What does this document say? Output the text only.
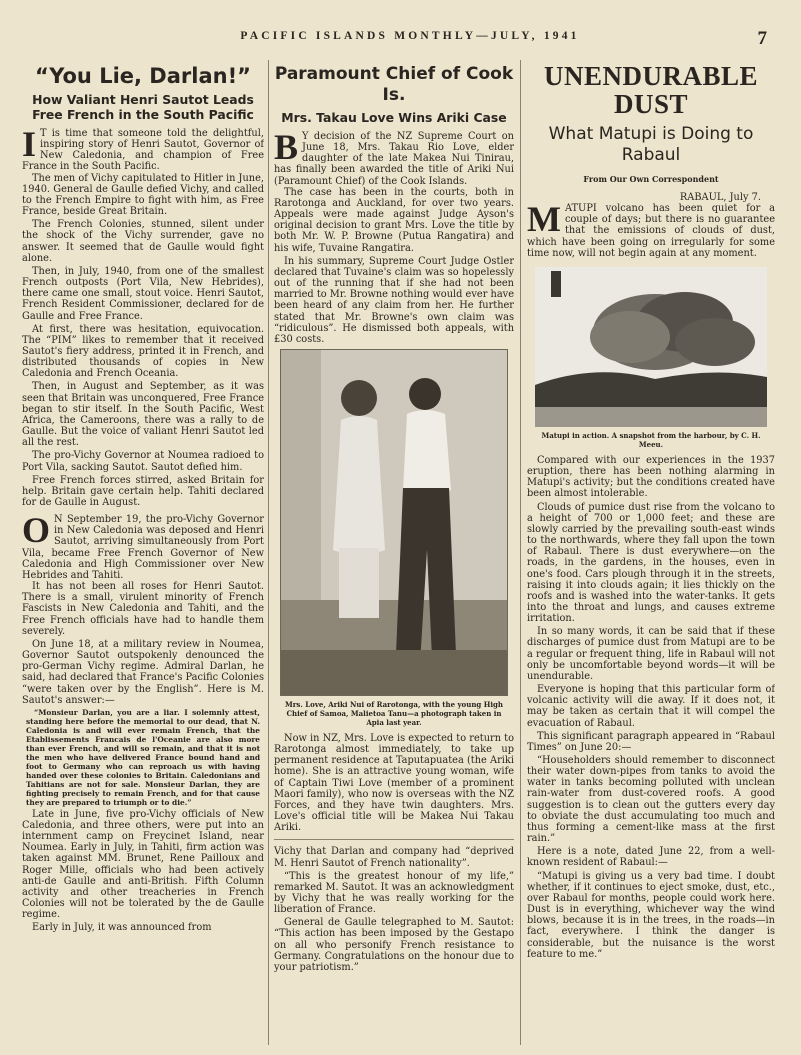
PACIFIC ISLANDS MONTHLY—JULY, 1941	7
“You Lie, Darlan!”
How Valiant Henri Sautot Leads Free French in the South Pacific
I T is time that someone told the delightful, inspiring story of Henri Sautot, Governor of New Caledonia, and champion of Free France in the South Pacific.

The men of Vichy capitulated to Hitler in June, 1940. General de Gaulle defied Vichy, and called to the French Empire to fight with him, as Free France, beside Great Britain.

The French Colonies, stunned, silent under the shock of the Vichy surrender, gave no answer. It seemed that de Gaulle would fight alone.

Then, in July, 1940, from one of the smallest French outposts (Port Vila, New Hebrides), there came one small, stout voice. Henri Sautot, French Resident Commissioner, declared for de Gaulle and Free France.

At first, there was hesitation, equivocation. The “PIM” likes to remember that it received Sautot's fiery address, printed it in French, and distributed thousands of copies in New Caledonia and French Oceania.

Then, in August and September, as it was seen that Britain was unconquered, Free France began to stir itself. In the South Pacific, West Africa, the Cameroons, there was a rally to de Gaulle. But the voice of valiant Henri Sautot led all the rest.

The pro-Vichy Governor at Noumea radioed to Port Vila, sacking Sautot. Sautot defied him.

Free French forces stirred, asked Britain for help. Britain gave certain help. Tahiti declared for de Gaulle in August.

O N September 19, the pro-Vichy Governor in New Caledonia was deposed and Henri Sautot, arriving simultaneously from Port Vila, became Free French Governor of New Caledonia and High Commissioner over New Hebrides and Tahiti.

It has not been all roses for Henri Sautot. There is a small, virulent minority of French Fascists in New Caledonia and Tahiti, and the Free French officials have had to handle them severely.

On June 18, at a military review in Noumea, Governor Sautot outspokenly denounced the pro-German Vichy regime. Admiral Darlan, he said, had declared that France's Pacific Colonies “were taken over by the English”. Here is M. Sautot's answer:—

“Monsieur Darlan, you are a liar. I solemnly attest, standing here before the memorial to our dead, that N. Caledonia is and will ever remain French, that the Etablissements Francais de l'Oceanie are also more than ever French, and will so remain, and that it is not the men who have delivered France bound hand and foot to Germany who can reproach us with having handed over these colonies to Britain. Caledonians and Tahitians are not for sale. Monsieur Darlan, they are fighting precisely to remain French, and for that cause they are prepared to triumph or to die.”

Late in June, five pro-Vichy officials of New Caledonia, and three others, were put into an internment camp on Freycinet Island, near Noumea. Early in July, in Tahiti, firm action was taken against MM. Brunet, Rene Pailloux and Roger Mille, officials who had been actively anti-de Gaulle and anti-British. Fifth Column activity and other treacheries in French Colonies will not be tolerated by the de Gaulle regime.

Early in July, it was announced from

Paramount Chief of Cook Is.
Mrs. Takau Love Wins Ariki Case
B Y decision of the NZ Supreme Court on June 18, Mrs. Takau Rio Love, elder daughter of the late Makea Nui Tinirau, has finally been awarded the title of Ariki Nui (Paramount Chief) of the Cook Islands.

The case has been in the courts, both in Rarotonga and Auckland, for over two years. Appeals were made against Judge Ayson's original decision to grant Mrs. Love the title by both Mr. W. P. Browne (Putua Rangatira) and his wife, Tuvaine Rangatira.

In his summary, Supreme Court Judge Ostler declared that Tuvaine's claim was so hopelessly out of the running that if she had not been married to Mr. Browne nothing would ever have been heard of any claim from her. He further stated that Mr. Browne's own claim was “ridiculous”. He dismissed both appeals, with £30 costs.

Mrs. Love, Ariki Nui of Rarotonga, with the young High Chief of Samoa, Malietoa Tanu—a photograph taken in Apia last year.

Now in NZ, Mrs. Love is expected to return to Rarotonga almost immediately, to take up permanent residence at Taputapuatea (the Ariki home). She is an attractive young woman, wife of Captain Tiwi Love (member of a prominent Maori family), who now is overseas with the NZ Forces, and they have twin daughters. Mrs. Love's official title will be Makea Nui Takau Ariki.

Vichy that Darlan and company had “deprived M. Henri Sautot of French nationality”.

“This is the greatest honour of my life,” remarked M. Sautot. It was an acknowledgment by Vichy that he was really working for the liberation of France.

General de Gaulle telegraphed to M. Sautot: “This action has been imposed by the Gestapo on all who personify French resistance to Germany. Congratulations on the honour due to your patriotism.”

UNENDURABLE DUST
What Matupi is Doing to Rabaul
From Our Own Correspondent
RABAUL, July 7.
MATUPI volcano has been quiet for a couple of days; but there is no guarantee that the emissions of clouds of dust, which have been going on irregularly for some time now, will not begin again at any moment.
Matupi in action. A snapshot from the harbour, by C. H. Meeu.

Compared with our experiences in the 1937 eruption, there has been nothing alarming in Matupi's activity; but the conditions created have been almost intolerable.

Clouds of pumice dust rise from the volcano to a height of 700 or 1,000 feet; and these are slowly carried by the prevailing south-east winds to the northwards, where they fall upon the town of Rabaul. There is dust everywhere—on the roads, in the gardens, in the houses, even in one's food. Cars plough through it in the streets, raising it into clouds again; it lies thickly on the roofs and is washed into the water-tanks. It gets into the throat and lungs, and causes extreme irritation.

In so many words, it can be said that if these discharges of pumice dust from Matupi are to be a regular or frequent thing, life in Rabaul will not only be uncomfortable beyond words—it will be unendurable.

Everyone is hoping that this particular form of volcanic activity will die away. If it does not, it may be taken as certain that it will compel the evacuation of Rabaul.

This significant paragraph appeared in “Rabaul Times” on June 20:—

“Householders should remember to disconnect their water down-pipes from tanks to avoid the water in tanks becoming polluted with unclean rain-water from dust-covered roofs. A good suggestion is to clean out the gutters every day to obviate the dust accumulating too much and thus forming a cement-like mass at the first rain.”

Here is a note, dated June 22, from a well-known resident of Rabaul:—

“Matupi is giving us a very bad time. I doubt whether, if it continues to eject smoke, dust, etc., over Rabaul for months, people could work here. Dust is in everything, whichever way the wind blows, because it is in the trees, in the roads—in fact, everywhere. I think the danger is considerable, but the nuisance is the worst feature to me.”
